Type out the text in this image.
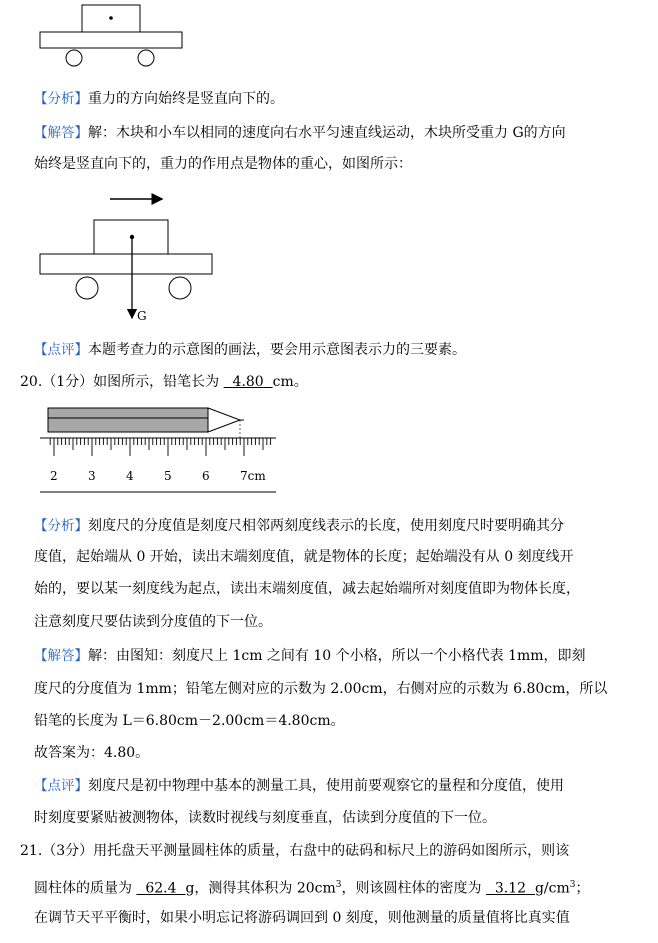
【分析】重力的方向始终是竖直向下的。
【解答】解：木块和小车以相同的速度向右水平匀速直线运动，木块所受重力 G的方向
始终是竖直向下的，重力的作用点是物体的重心，如图所示：
G
【点评】本题考查力的示意图的画法，要会用示意图表示力的三要素。
20.（1分）如图所示，铅笔长为   4.80 cm。
2	3	4	5	6	7cm
【分析】刻度尺的分度值是刻度尺相邻两刻度线表示的长度，使用刻度尺时要明确其分
度值，起始端从 0 开始，读出末端刻度值，就是物体的长度；起始端没有从 0 刻度线开
始的，要以某一刻度线为起点，读出末端刻度值，减去起始端所对刻度值即为物体长度，
注意刻度尺要估读到分度值的下一位。
【解答】解：由图知：刻度尺上 1cm 之间有 10 个小格，所以一个小格代表 1mm，即刻
度尺的分度值为 1mm；铅笔左侧对应的示数为 2.00cm，右侧对应的示数为 6.80cm，所以
铅笔的长度为 L＝6.80cm－2.00cm＝4.80cm。
故答案为：4.80。
【点评】刻度尺是初中物理中基本的测量工具，使用前要观察它的量程和分度值，使用
时刻度要紧贴被测物体，读数时视线与刻度垂直，估读到分度值的下一位。
21.（3分）用托盘天平测量圆柱体的质量，右盘中的砝码和标尺上的游码如图所示，则该
圆柱体的质量为   62.4 g，测得其体积为 $20cm^3$，则该圆柱体的密度为   3.12 $g/cm^3$；
在调节天平平衡时，如果小明忘记将游码调回到 0 刻度，则他测量的质量值将比真实值
